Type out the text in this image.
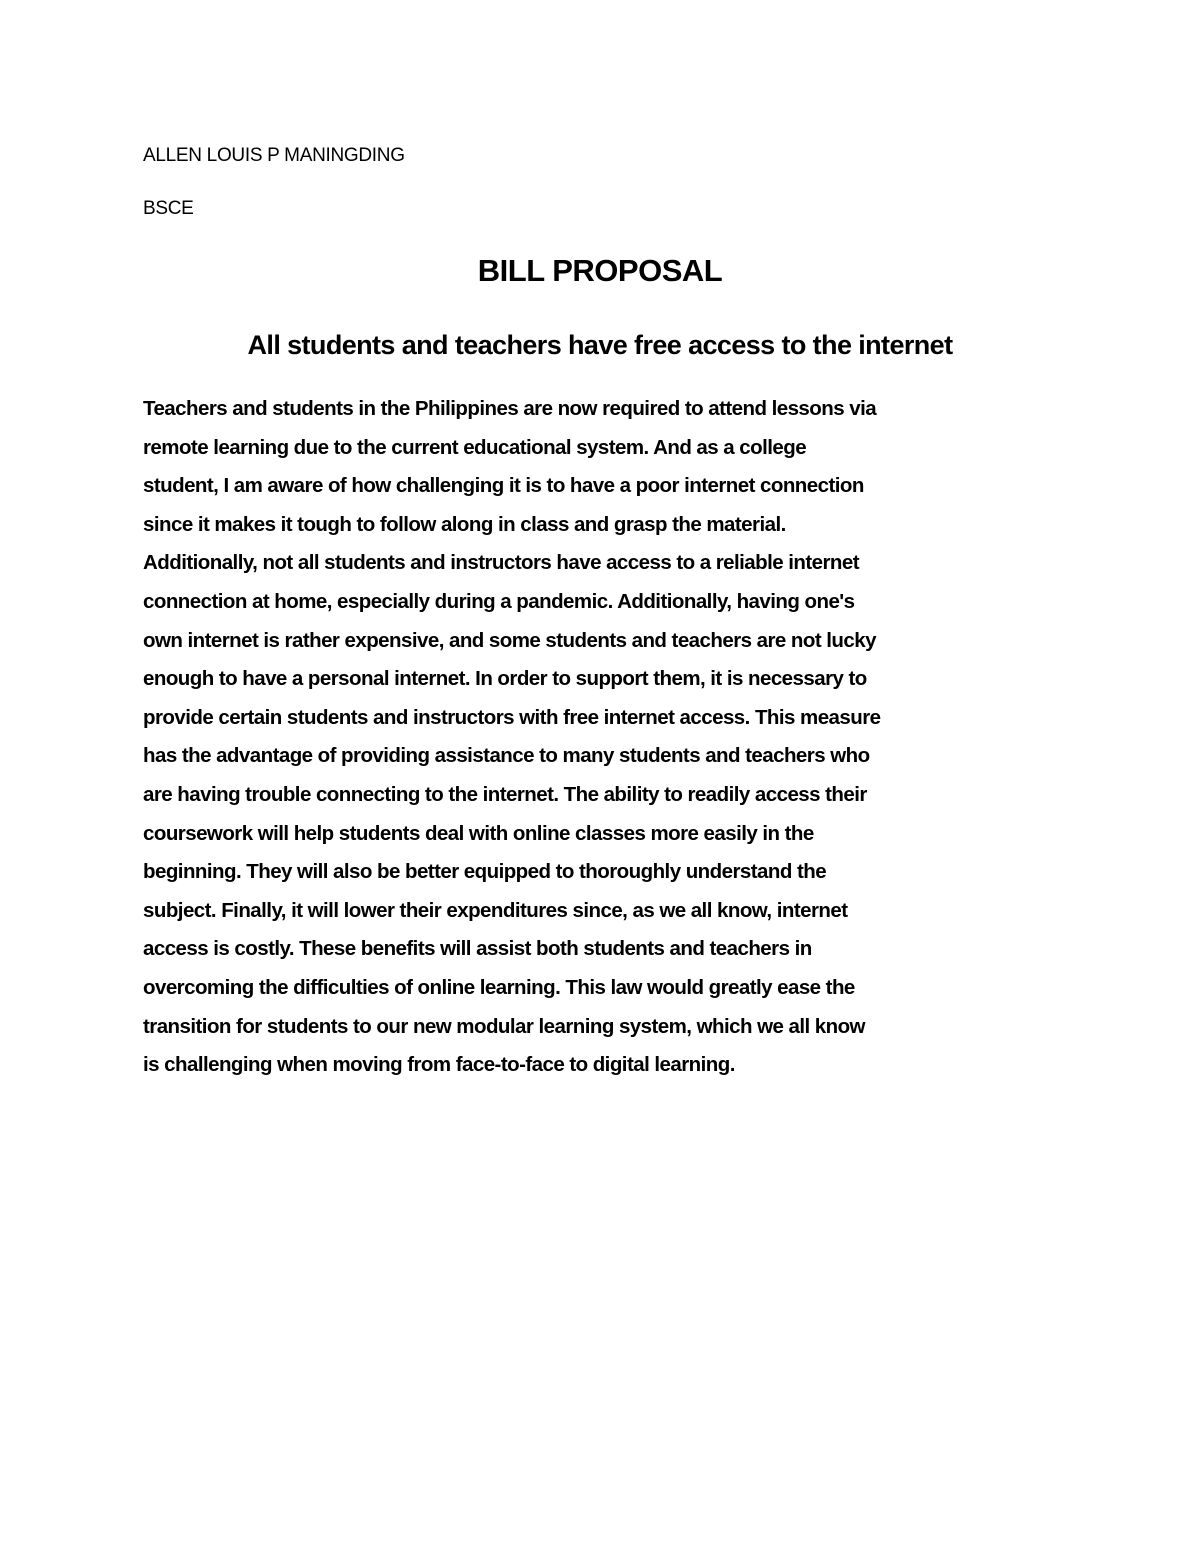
ALLEN LOUIS P MANINGDING
BSCE
BILL PROPOSAL
All students and teachers have free access to the internet
Teachers and students in the Philippines are now required to attend lessons via
remote learning due to the current educational system. And as a college
student, I am aware of how challenging it is to have a poor internet connection
since it makes it tough to follow along in class and grasp the material.
Additionally, not all students and instructors have access to a reliable internet
connection at home, especially during a pandemic. Additionally, having one's
own internet is rather expensive, and some students and teachers are not lucky
enough to have a personal internet. In order to support them, it is necessary to
provide certain students and instructors with free internet access. This measure
has the advantage of providing assistance to many students and teachers who
are having trouble connecting to the internet. The ability to readily access their
coursework will help students deal with online classes more easily in the
beginning. They will also be better equipped to thoroughly understand the
subject. Finally, it will lower their expenditures since, as we all know, internet
access is costly. These benefits will assist both students and teachers in
overcoming the difficulties of online learning. This law would greatly ease the
transition for students to our new modular learning system, which we all know
is challenging when moving from face-to-face to digital learning.
